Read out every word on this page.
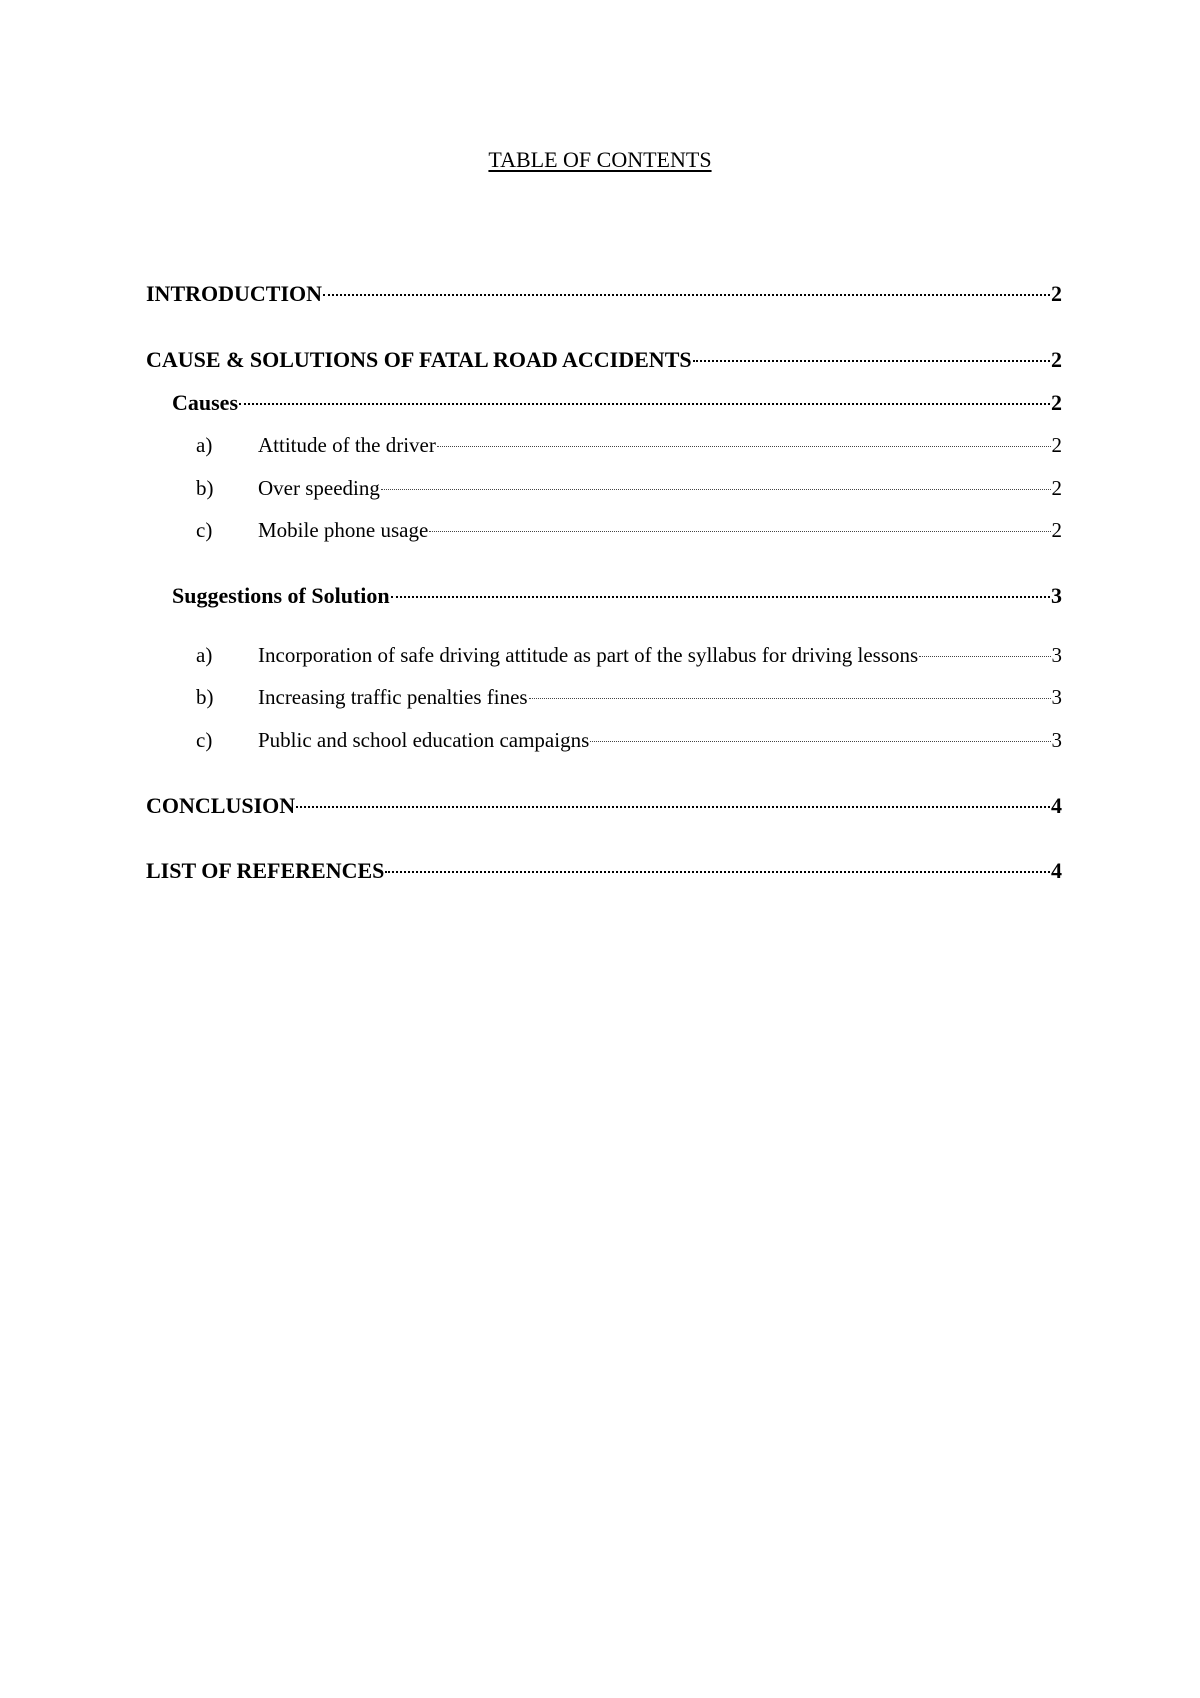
TABLE OF CONTENTS
INTRODUCTION	2
CAUSE & SOLUTIONS OF FATAL ROAD ACCIDENTS	2
Causes	2
a)	Attitude of the driver	2
b)	Over speeding	2
c)	Mobile phone usage	2
Suggestions of Solution	3
a)	Incorporation of safe driving attitude as part of the syllabus for driving lessons	3
b)	Increasing traffic penalties fines	3
c)	Public and school education campaigns	3
CONCLUSION	4
LIST OF REFERENCES	4
